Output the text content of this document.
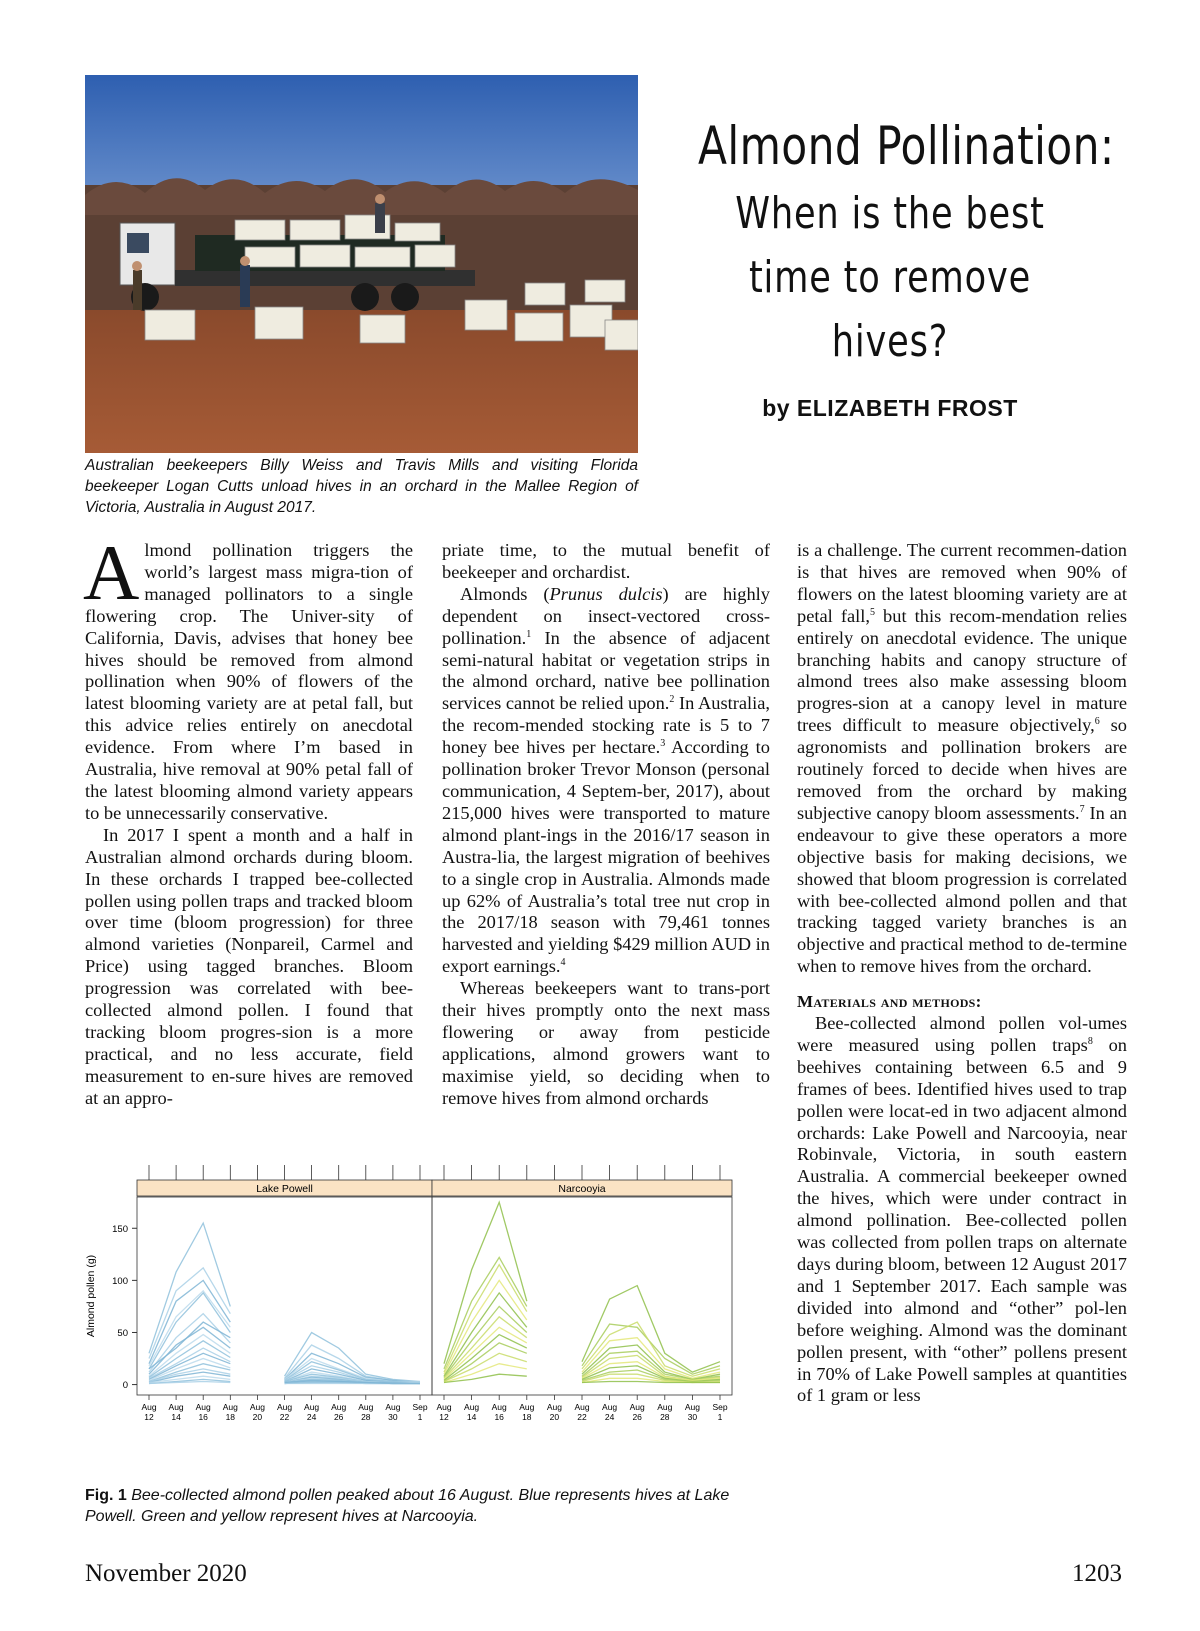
Australian beekeepers Billy Weiss and Travis Mills and visiting Florida beekeeper Logan Cutts unload hives in an orchard in the Mallee Region of Victoria, Australia in August 2017.
Almond Pollination:
When is the best time to remove hives?
by ELIZABETH FROST

Almond pollination triggers the world’s largest mass migra-tion of managed pollinators to a single flowering crop. The Univer-sity of California, Davis, advises that honey bee hives should be removed from almond pollination when 90% of flowers of the latest blooming variety are at petal fall, but this advice relies entirely on anecdotal evidence. From where I’m based in Australia, hive removal at 90% petal fall of the latest blooming almond variety appears to be unnecessarily conservative.

In 2017 I spent a month and a half in Australian almond orchards during bloom. In these orchards I trapped bee-collected pollen using pollen traps and tracked bloom over time (bloom progression) for three almond varieties (Nonpareil, Carmel and Price) using tagged branches. Bloom progression was correlated with bee-collected almond pollen. I found that tracking bloom progres-sion is a more practical, and no less accurate, field measurement to en-sure hives are removed at an appro-

priate time, to the mutual benefit of beekeeper and orchardist.

Almonds (Prunus dulcis) are highly dependent on insect-vectored cross-pollination.$^1$ In the absence of adjacent semi-natural habitat or vegetation strips in the almond orchard, native bee pollination services cannot be relied upon.$^2$ In Australia, the recom-mended stocking rate is 5 to 7 honey bee hives per hectare.$^3$ According to pollination broker Trevor Monson (personal communication, 4 Septem-ber, 2017), about 215,000 hives were transported to mature almond plant-ings in the 2016/17 season in Austra-lia, the largest migration of beehives to a single crop in Australia. Almonds made up 62% of Australia’s total tree nut crop in the 2017/18 season with 79,461 tonnes harvested and yielding $429 million AUD in export earnings.$^4$

Whereas beekeepers want to trans-port their hives promptly onto the next mass flowering or away from pesticide applications, almond growers want to maximise yield, so deciding when to remove hives from almond orchards

is a challenge. The current recommen-dation is that hives are removed when 90% of flowers on the latest blooming variety are at petal fall,$^5$ but this recom-mendation relies entirely on anecdotal evidence. The unique branching habits and canopy structure of almond trees also make assessing bloom progres-sion at a canopy level in mature trees difficult to measure objectively,$^6$ so agronomists and pollination brokers are routinely forced to decide when hives are removed from the orchard by making subjective canopy bloom assessments.$^7$ In an endeavour to give these operators a more objective basis for making decisions, we showed that bloom progression is correlated with bee-collected almond pollen and that tracking tagged variety branches is an objective and practical method to de-termine when to remove hives from the orchard.

Materials and methods:

Bee-collected almond pollen vol-umes were measured using pollen traps$^8$ on beehives containing between 6.5 and 9 frames of bees. Identified hives used to trap pollen were locat-ed in two adjacent almond orchards: Lake Powell and Narcooyia, near Robinvale, Victoria, in south eastern Australia. A commercial beekeeper owned the hives, which were under contract in almond pollination. Bee-collected pollen was collected from pollen traps on alternate days during bloom, between 12 August 2017 and 1 September 2017. Each sample was divided into almond and “other” pol-len before weighing. Almond was the dominant pollen present, with “other” pollens present in 70% of Lake Powell samples at quantities of 1 gram or less

Almond pollen (g)
0
50
100
150
Lake Powell
Aug
12
Aug
14
Aug
16
Aug
18
Aug
20
Aug
22
Aug
24
Aug
26
Aug
28
Aug
30
Sep
1
Narcooyia
Aug
12
Aug
14
Aug
16
Aug
18
Aug
20
Aug
22
Aug
24
Aug
26
Aug
28
Aug
30
Sep
1
Fig. 1 Bee-collected almond pollen peaked about 16 August. Blue represents hives at Lake Powell. Green and yellow represent hives at Narcooyia.
November 2020	1203
